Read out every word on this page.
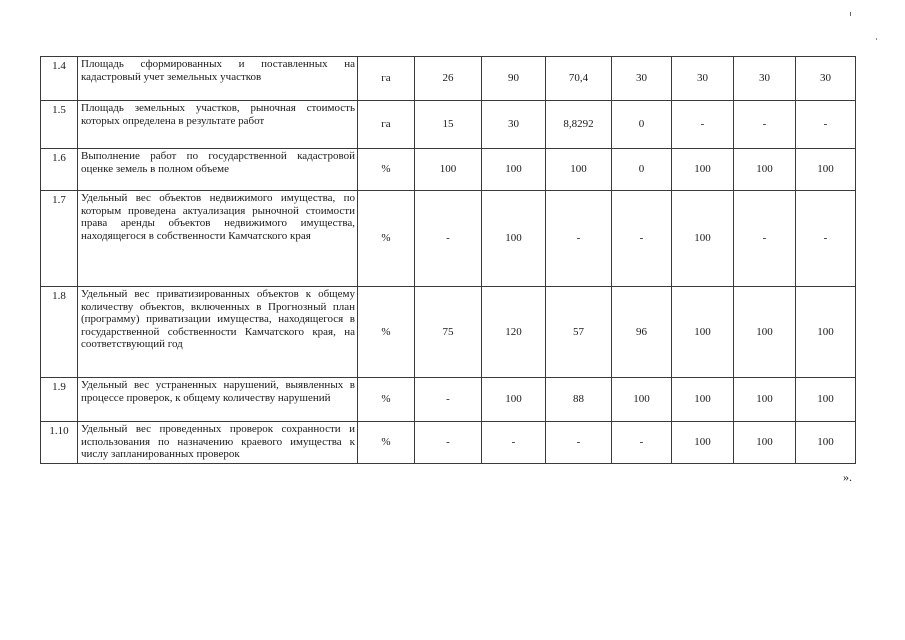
1.4	Площадь сформированных и поставленных на кадастровый учет земельных участков	га	26	90	70,4	30	30	30	30
1.5	Площадь земельных участков, рыночная стоимость которых определена в результате работ	га	15	30	8,8292	0	-	-	-
1.6	Выполнение работ по государственной кадастровой оценке земель в полном объеме	%	100	100	100	0	100	100	100
1.7	Удельный вес объектов недвижимого имущества, по которым проведена актуализация рыночной стоимости права аренды объектов недвижимого имущества, находящегося в собственности Камчатского края	%	-	100	-	-	100	-	-
1.8	Удельный вес приватизированных объектов к общему количеству объектов, включенных в Прогнозный план (программу) приватизации имущества, находящегося в государственной собственности Камчатского края, на соответствующий год	%	75	120	57	96	100	100	100
1.9	Удельный вес устраненных нарушений, выявленных в процессе проверок, к общему количеству нарушений	%	-	100	88	100	100	100	100
1.10	Удельный вес проведенных проверок сохранности и использования по назначению краевого имущества к числу запланированных проверок	%	-	-	-	-	100	100	100
».
